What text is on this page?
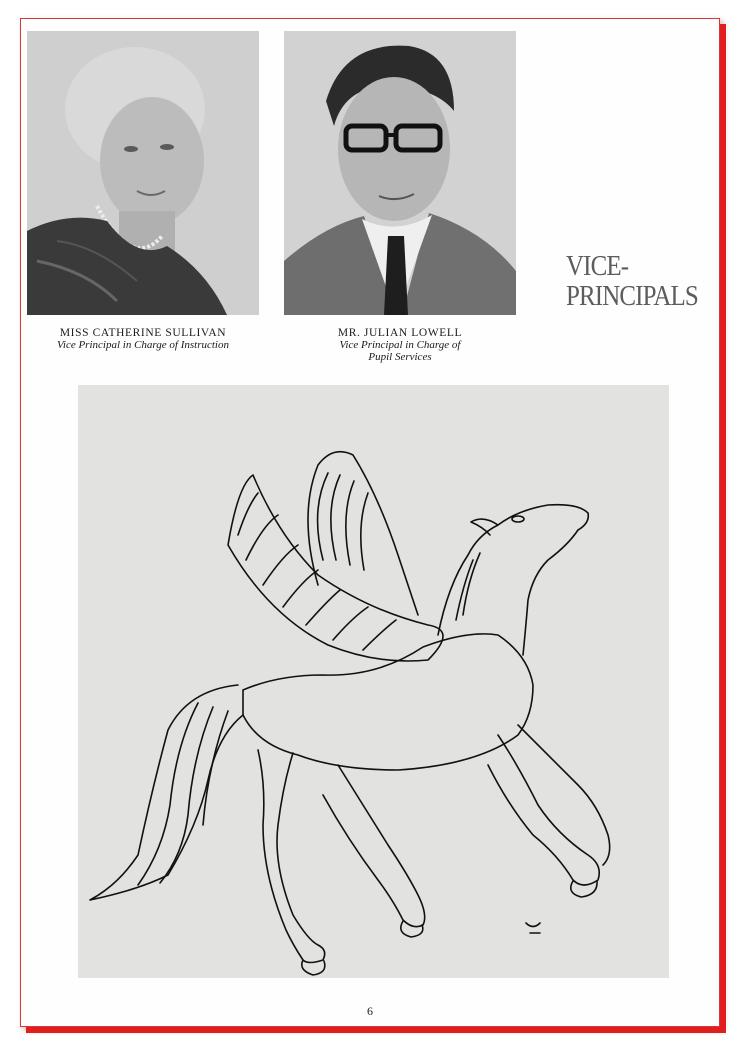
MISS CATHERINE SULLIVAN
Vice Principal in Charge of Instruction
MR. JULIAN LOWELL
Vice Principal in Charge of
Pupil Services
VICE-
PRINCIPALS
6
